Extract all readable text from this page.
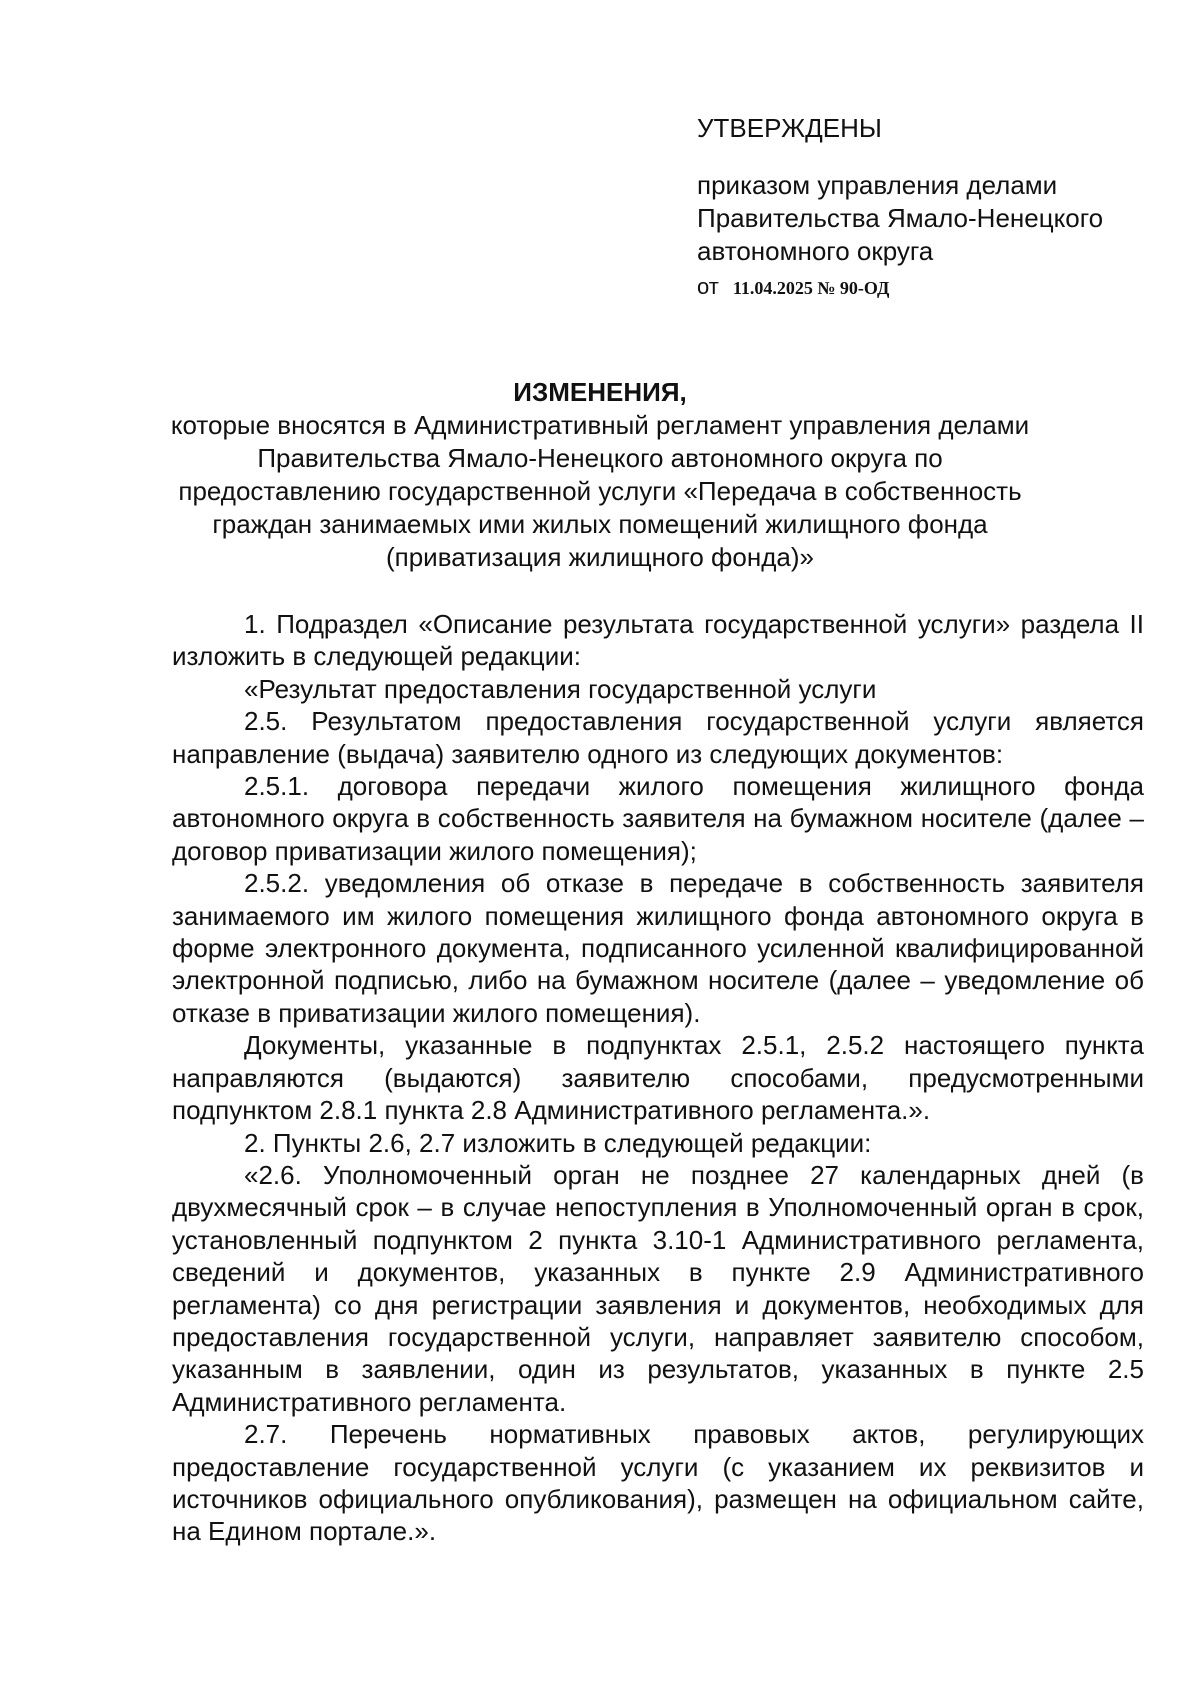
УТВЕРЖДЕНЫ

приказом управления делами

Правительства Ямало-Ненецкого

автономного округа

от 11.04.2025 № 90-ОД

ИЗМЕНЕНИЯ,

которые вносятся в Административный регламент управления делами

Правительства Ямало-Ненецкого автономного округа по

предоставлению государственной услуги «Передача в собственность

граждан занимаемых ими жилых помещений жилищного фонда

(приватизация жилищного фонда)»

1. Подраздел «Описание результата государственной услуги» раздела II изложить в следующей редакции:

«Результат предоставления государственной услуги

2.5. Результатом предоставления государственной услуги является направление (выдача) заявителю одного из следующих документов:

2.5.1. договора передачи жилого помещения жилищного фонда автономного округа в собственность заявителя на бумажном носителе (далее – договор приватизации жилого помещения);

2.5.2. уведомления об отказе в передаче в собственность заявителя занимаемого им жилого помещения жилищного фонда автономного округа в форме электронного документа, подписанного усиленной квалифицированной электронной подписью, либо на бумажном носителе (далее – уведомление об отказе в приватизации жилого помещения).

Документы, указанные в подпунктах 2.5.1, 2.5.2 настоящего пункта направляются (выдаются) заявителю способами, предусмотренными подпунктом 2.8.1 пункта 2.8 Административного регламента.».

2. Пункты 2.6, 2.7 изложить в следующей редакции:

«2.6. Уполномоченный орган не позднее 27 календарных дней (в двухмесячный срок – в случае непоступления в Уполномоченный орган в срок, установленный подпунктом 2 пункта 3.10-1 Административного регламента, сведений и документов, указанных в пункте 2.9 Административного регламента) со дня регистрации заявления и документов, необходимых для предоставления государственной услуги, направляет заявителю способом, указанным в заявлении, один из результатов, указанных в пункте 2.5 Административного регламента.

2.7. Перечень нормативных правовых актов, регулирующих предоставление государственной услуги (с указанием их реквизитов и источников официального опубликования), размещен на официальном сайте, на Едином портале.».
